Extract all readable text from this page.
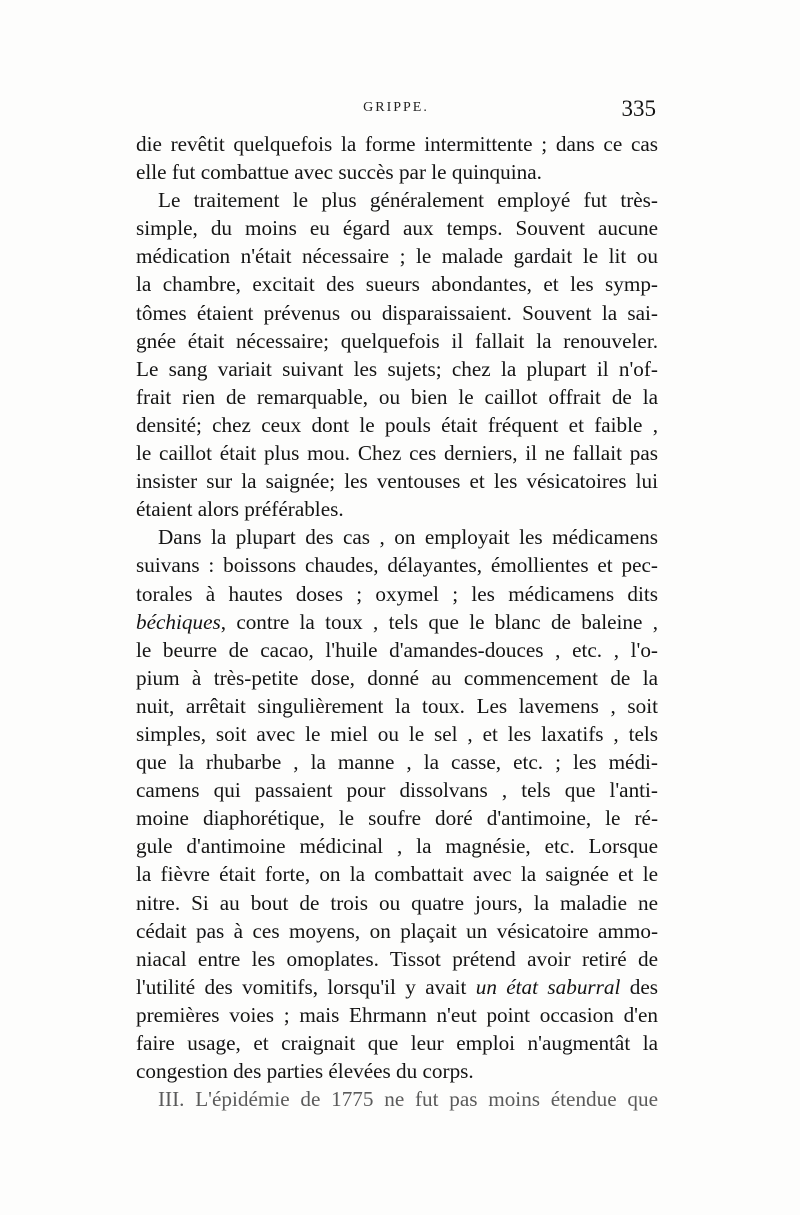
GRIPPE.	335
die revêtit quelquefois la forme intermittente ; dans ce cas
elle fut combattue avec succès par le quinquina.
Le traitement le plus généralement employé fut très-
simple, du moins eu égard aux temps. Souvent aucune
médication n'était nécessaire ; le malade gardait le lit ou
la chambre, excitait des sueurs abondantes, et les symp-
tômes étaient prévenus ou disparaissaient. Souvent la sai-
gnée était nécessaire; quelquefois il fallait la renouveler.
Le sang variait suivant les sujets; chez la plupart il n'of-
frait rien de remarquable, ou bien le caillot offrait de la
densité; chez ceux dont le pouls était fréquent et faible ,
le caillot était plus mou. Chez ces derniers, il ne fallait pas
insister sur la saignée; les ventouses et les vésicatoires lui
étaient alors préférables.
Dans la plupart des cas , on employait les médicamens
suivans : boissons chaudes, délayantes, émollientes et pec-
torales à hautes doses ; oxymel ; les médicamens dits
béchiques, contre la toux , tels que le blanc de baleine ,
le beurre de cacao, l'huile d'amandes-douces , etc. , l'o-
pium à très-petite dose, donné au commencement de la
nuit, arrêtait singulièrement la toux. Les lavemens , soit
simples, soit avec le miel ou le sel , et les laxatifs , tels
que la rhubarbe , la manne , la casse, etc. ; les médi-
camens qui passaient pour dissolvans , tels que l'anti-
moine diaphorétique, le soufre doré d'antimoine, le ré-
gule d'antimoine médicinal , la magnésie, etc. Lorsque
la fièvre était forte, on la combattait avec la saignée et le
nitre. Si au bout de trois ou quatre jours, la maladie ne
cédait pas à ces moyens, on plaçait un vésicatoire ammo-
niacal entre les omoplates. Tissot prétend avoir retiré de
l'utilité des vomitifs, lorsqu'il y avait un état saburral des
premières voies ; mais Ehrmann n'eut point occasion d'en
faire usage, et craignait que leur emploi n'augmentât la
congestion des parties élevées du corps.
III. L'épidémie de 1775 ne fut pas moins étendue que
